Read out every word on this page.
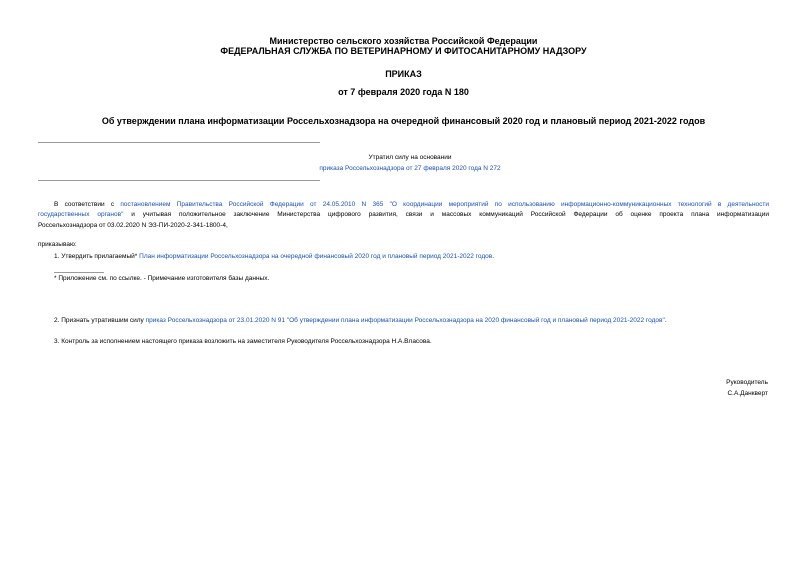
Министерство сельского хозяйства Российской Федерации
ФЕДЕРАЛЬНАЯ СЛУЖБА ПО ВЕТЕРИНАРНОМУ И ФИТОСАНИТАРНОМУ НАДЗОРУ
ПРИКАЗ
от 7 февраля 2020 года N 180
Об утверждении плана информатизации Россельхознадзора на очередной финансовый 2020 год и плановый период 2021-2022 годов
Утратил силу на основании
приказа Россельхознадзора от 27 февраля 2020 года N 272
В соответствии с постановлением Правительства Российской Федерации от 24.05.2010 N 365 "О координации мероприятий по использованию информационно-коммуникационных технологий в деятельности
государственных органов" и учитывая положительное заключение Министерства цифрового развития, связи и массовых коммуникаций Российской Федерации об оценке проекта плана информатизации
Россельхознадзора от 03.02.2020 N ЭЗ-ПИ-2020-2-341-1800-4,
приказываю:
1. Утвердить прилагаемый* План информатизации Россельхознадзора на очередной финансовый 2020 год и плановый период 2021-2022 годов.
* Приложение см. по ссылке. - Примечание изготовителя базы данных.
2. Признать утратившим силу приказ Россельхознадзора от 23.01.2020 N 91 "Об утверждении плана информатизации Россельхознадзора на 2020 финансовый год и плановый период 2021-2022 годов".
3. Контроль за исполнением настоящего приказа возложить на заместителя Руководителя Россельхознадзора Н.А.Власова.
Руководитель
С.А.Данкверт
